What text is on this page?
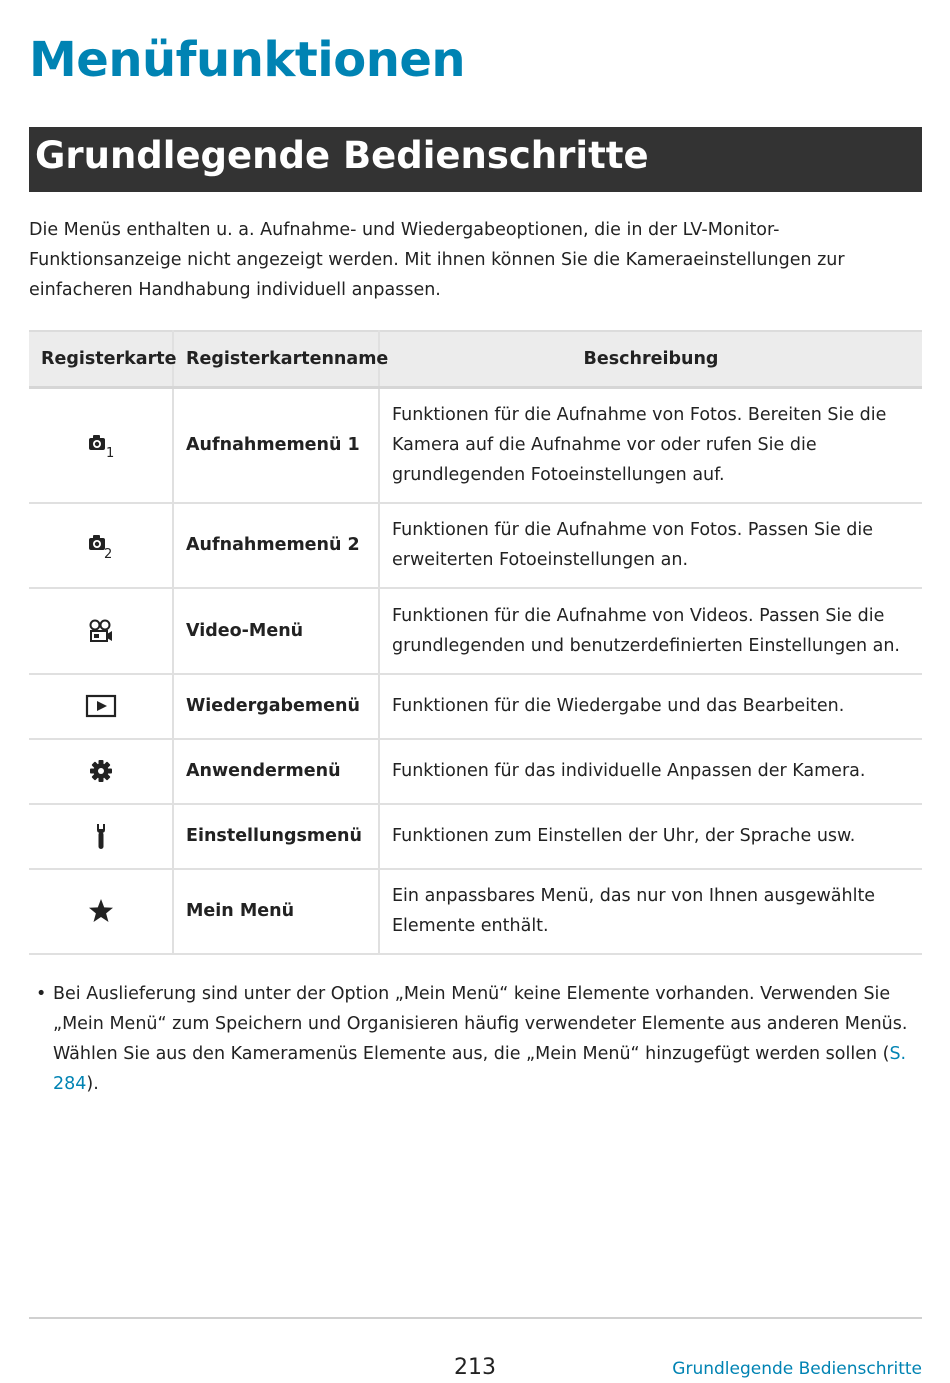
Menüfunktionen
Grundlegende Bedienschritte

Die Menüs enthalten u. a. Aufnahme- und Wiedergabeoptionen, die in der LV-Monitor-Funktionsanzeige nicht angezeigt werden. Mit ihnen können Sie die Kameraeinstellungen zur einfacheren Handhabung individuell anpassen.

Registerkarte	Registerkartenname	Beschreibung

1	Aufnahmemenü 1	Funktionen für die Aufnahme von Fotos. Bereiten Sie die Kamera auf die Aufnahme vor oder rufen Sie die grundlegenden Fotoeinstellungen auf.

2	Aufnahmemenü 2	Funktionen für die Aufnahme von Fotos. Passen Sie die erweiterten Fotoeinstellungen an.

	Video-Menü	Funktionen für die Aufnahme von Videos. Passen Sie die grundlegenden und benutzerdefinierten Einstellungen an.

	Wiedergabemenü	Funktionen für die Wiedergabe und das Bearbeiten.

	Anwendermenü	Funktionen für das individuelle Anpassen der Kamera.

	Einstellungsmenü	Funktionen zum Einstellen der Uhr, der Sprache usw.

	Mein Menü	Ein anpassbares Menü, das nur von Ihnen ausgewählte Elemente enthält.
• Bei Auslieferung sind unter der Option „Mein Menü“ keine Elemente vorhanden. Verwenden Sie „Mein Menü“ zum Speichern und Organisieren häufig verwendeter Elemente aus anderen Menüs. Wählen Sie aus den Kameramenüs Elemente aus, die „Mein Menü“ hinzugefügt werden sollen (S. 284).
213	Grundlegende Bedienschritte
